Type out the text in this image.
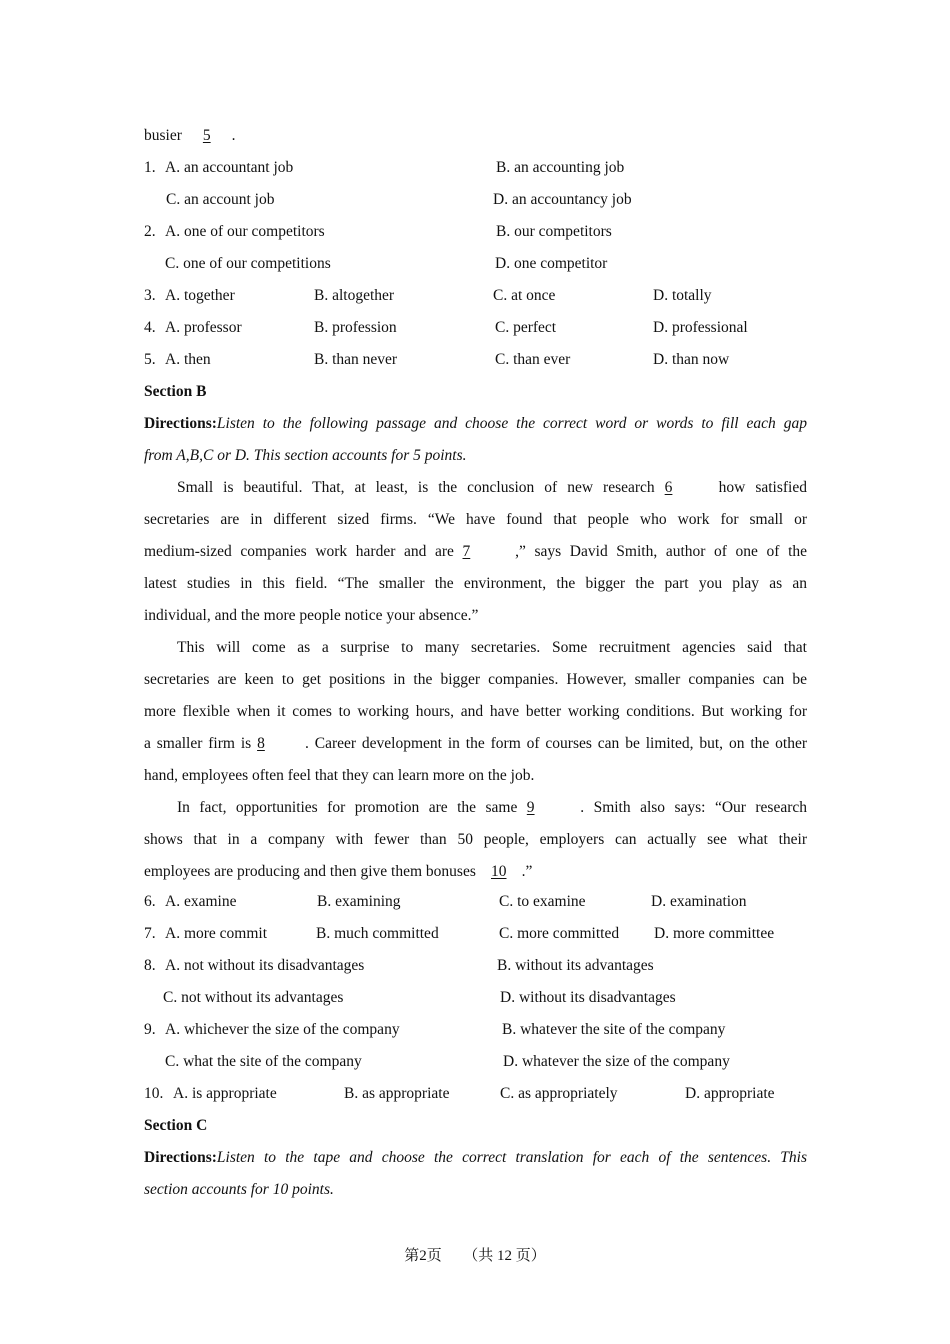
busier 5 .
1. A. an accountant job	B. an accounting job
C. an account job	D. an accountancy job
2. A. one of our competitors	B. our competitors
C. one of our competitions	D. one competitor
3. A. together	B. altogether	C. at once	D. totally
4. A. professor	B. profession	C. perfect	D. professional
5. A. then	B. than never	C. than ever	D. than now
Section B
Directions:Listen to the following passage and choose the correct word or words to fill each gap
from A,B,C or D. This section accounts for 5 points.
Small is beautiful. That, at least, is the conclusion of new research 6	how satisfied
secretaries are in different sized firms. “We have found that people who work for small or
medium-sized companies work harder and are 7	,” says David Smith, author of one of the
latest studies in this field. “The smaller the environment, the bigger the part you play as an
individual, and the more people notice your absence.”
This will come as a surprise to many secretaries. Some recruitment agencies said that
secretaries are keen to get positions in the bigger companies. However, smaller companies can be
more flexible when it comes to working hours, and have better working conditions. But working for
a smaller firm is 8	. Career development in the form of courses can be limited, but, on the other
hand, employees often feel that they can learn more on the job.
In fact, opportunities for promotion are the same 9	. Smith also says: “Our research
shows that in a company with fewer than 50 people, employers can actually see what their
employees are producing and then give them bonuses 10 .”
6. A. examine	B. examining	C. to examine	D. examination
7. A. more commit	B. much committed	C. more committed D. more committee
8. A. not without its disadvantages	B. without its advantages
C. not without its advantages	D. without its disadvantages
9. A. whichever the size of the company	B. whatever the site of the company
C. what the site of the company	D. whatever the size of the company
10. A. is appropriate	B. as appropriate	C. as appropriately	D. appropriate
Section C
Directions:Listen to the tape and choose the correct translation for each of the sentences. This
section accounts for 10 points.
第2页 （共 12 页）
